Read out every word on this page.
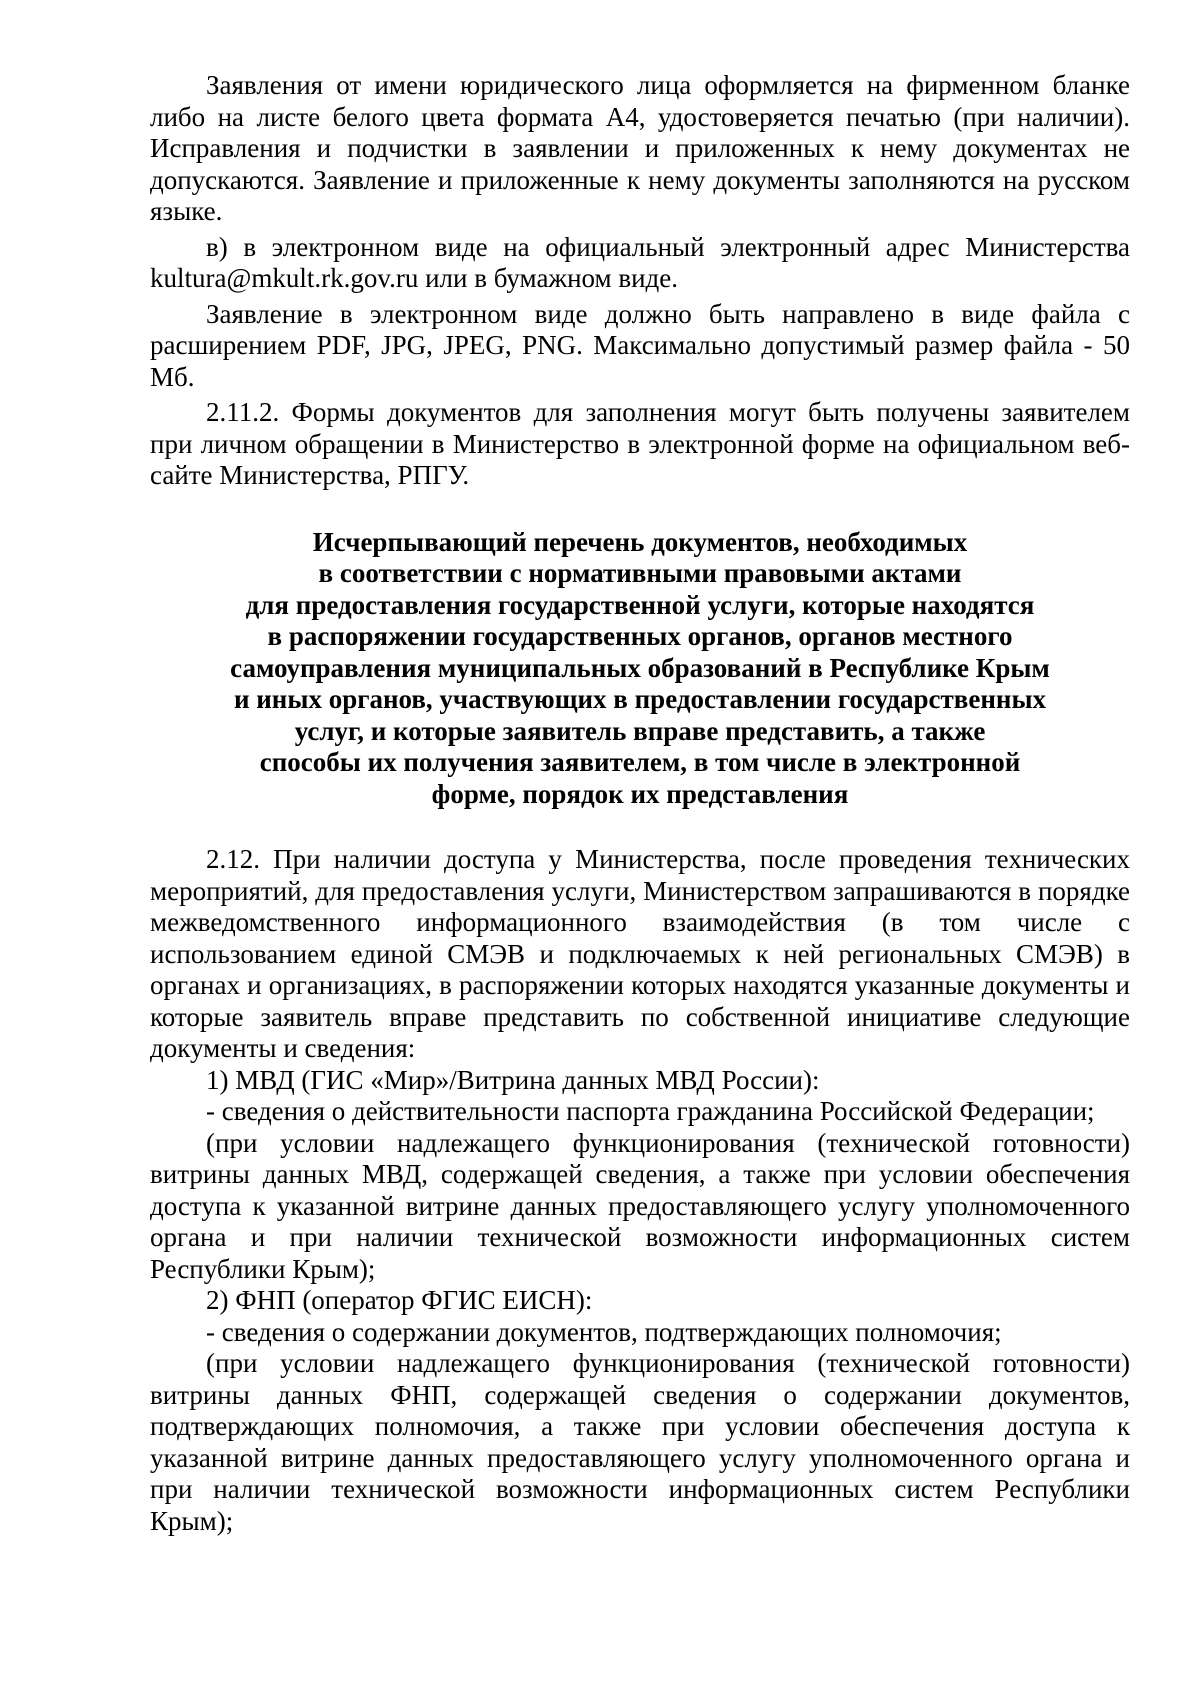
Заявления от имени юридического лица оформляется на фирменном бланке либо на листе белого цвета формата А4, удостоверяется печатью (при наличии). Исправления и подчистки в заявлении и приложенных к нему документах не допускаются. Заявление и приложенные к нему документы заполняются на русском языке.

в) в электронном виде на официальный электронный адрес Министерства kultura@mkult.rk.gov.ru или в бумажном виде.

Заявление в электронном виде должно быть направлено в виде файла с расширением PDF, JPG, JPEG, PNG. Максимально допустимый размер файла - 50 Мб.

2.11.2. Формы документов для заполнения могут быть получены заявителем при личном обращении в Министерство в электронной форме на официальном веб-сайте Министерства, РПГУ.

Исчерпывающий перечень документов, необходимых
в соответствии с нормативными правовыми актами
для предоставления государственной услуги, которые находятся
в распоряжении государственных органов, органов местного
самоуправления муниципальных образований в Республике Крым
и иных органов, участвующих в предоставлении государственных
услуг, и которые заявитель вправе представить, а также
способы их получения заявителем, в том числе в электронной
форме, порядок их представления

2.12. При наличии доступа у Министерства, после проведения технических мероприятий, для предоставления услуги, Министерством запрашиваются в порядке межведомственного информационного взаимодействия (в том числе с использованием единой СМЭВ и подключаемых к ней региональных СМЭВ) в органах и организациях, в распоряжении которых находятся указанные документы и которые заявитель вправе представить по собственной инициативе следующие документы и сведения:

1) МВД (ГИС «Мир»/Витрина данных МВД России):

- сведения о действительности паспорта гражданина Российской Федерации;

(при условии надлежащего функционирования (технической готовности) витрины данных МВД, содержащей сведения, а также при условии обеспечения доступа к указанной витрине данных предоставляющего услугу уполномоченного органа и при наличии технической возможности информационных систем Республики Крым);

2) ФНП (оператор ФГИС ЕИСН):

- сведения о содержании документов, подтверждающих полномочия;

(при условии надлежащего функционирования (технической готовности) витрины данных ФНП, содержащей сведения о содержании документов, подтверждающих полномочия, а также при условии обеспечения доступа к указанной витрине данных предоставляющего услугу уполномоченного органа и при наличии технической возможности информационных систем Республики Крым);
